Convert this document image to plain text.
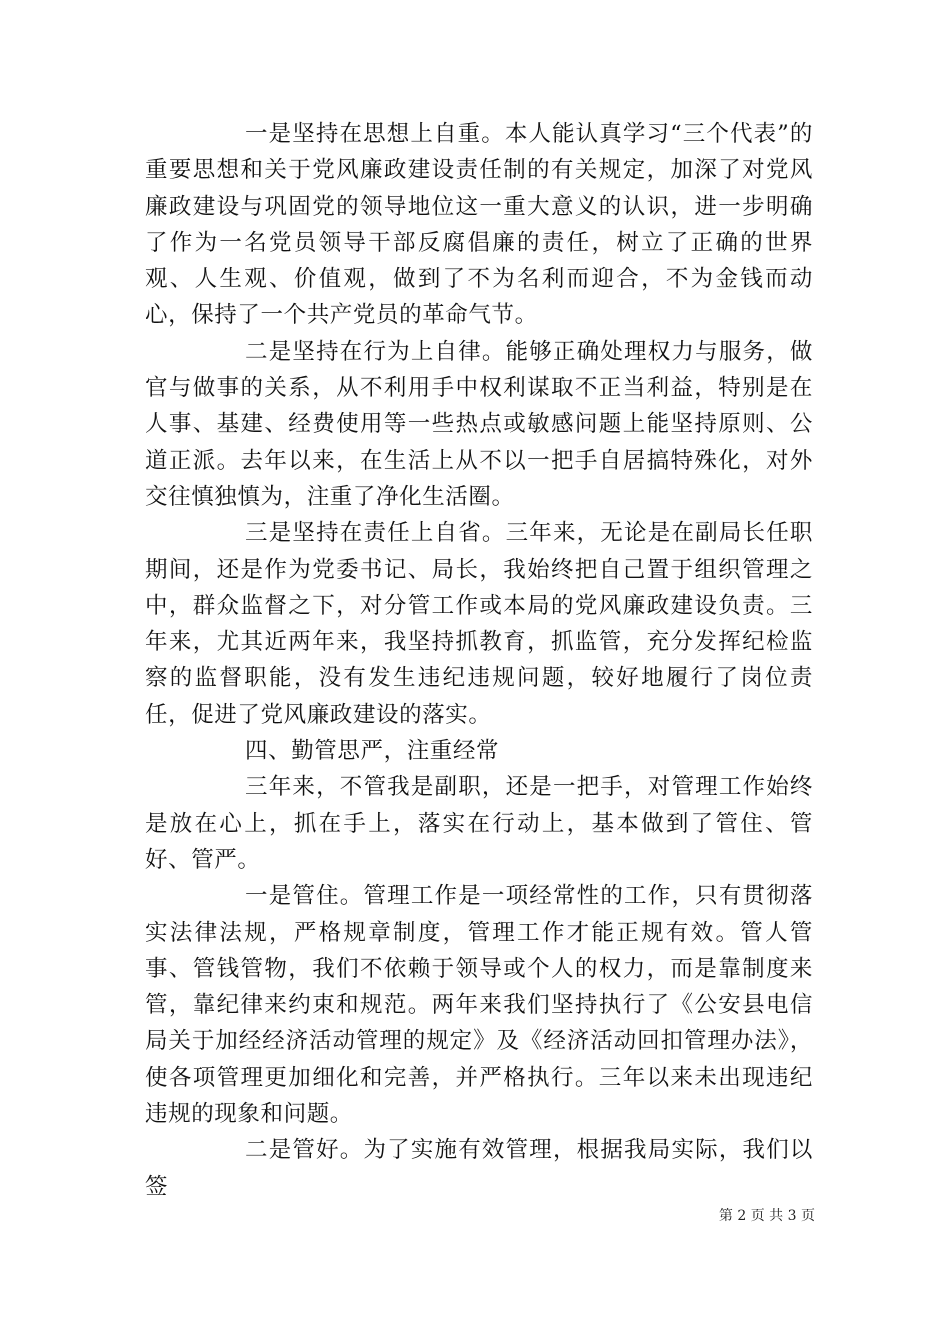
一是坚持在思想上自重。本人能认真学习“三个代表”的重要思想和关于党风廉政建设责任制的有关规定，加深了对党风廉政建设与巩固党的领导地位这一重大意义的认识，进一步明确了作为一名党员领导干部反腐倡廉的责任，树立了正确的世界观、人生观、价值观，做到了不为名利而迎合，不为金钱而动心，保持了一个共产党员的革命气节。

二是坚持在行为上自律。能够正确处理权力与服务，做官与做事的关系，从不利用手中权利谋取不正当利益，特别是在人事、基建、经费使用等一些热点或敏感问题上能坚持原则、公道正派。去年以来，在生活上从不以一把手自居搞特殊化，对外交往慎独慎为，注重了净化生活圈。

三是坚持在责任上自省。三年来，无论是在副局长任职期间，还是作为党委书记、局长，我始终把自己置于组织管理之中，群众监督之下，对分管工作或本局的党风廉政建设负责。三年来，尤其近两年来，我坚持抓教育，抓监管，充分发挥纪检监察的监督职能，没有发生违纪违规问题，较好地履行了岗位责任，促进了党风廉政建设的落实。

四、勤管思严，注重经常

三年来，不管我是副职，还是一把手，对管理工作始终是放在心上，抓在手上，落实在行动上，基本做到了管住、管好、管严。

一是管住。管理工作是一项经常性的工作，只有贯彻落实法律法规，严格规章制度，管理工作才能正规有效。管人管事、管钱管物，我们不依赖于领导或个人的权力，而是靠制度来管，靠纪律来约束和规范。两年来我们坚持执行了《公安县电信局关于加经经济活动管理的规定》及《经济活动回扣管理办法》，使各项管理更加细化和完善，并严格执行。三年以来未出现违纪违规的现象和问题。

二是管好。为了实施有效管理，根据我局实际，我们以签

第 2 页 共 3 页
